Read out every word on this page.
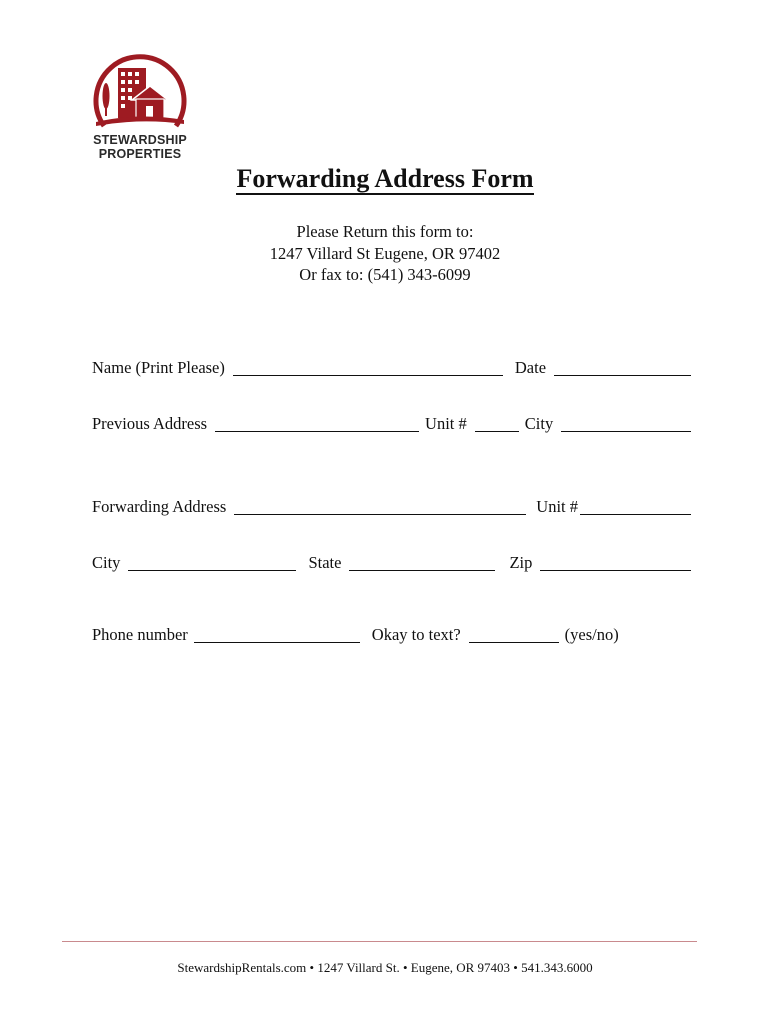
STEWARDSHIP
PROPERTIES
Forwarding Address Form
Please Return this form to:
1247 Villard St Eugene, OR 97402
Or fax to: (541) 343-6099
Name (Print Please)	Date
Previous Address	Unit #	City
Forwarding Address	Unit #
City	State	Zip
Phone number	Okay to text?	(yes/no)
StewardshipRentals.com • 1247 Villard St. • Eugene, OR 97403 • 541.343.6000
